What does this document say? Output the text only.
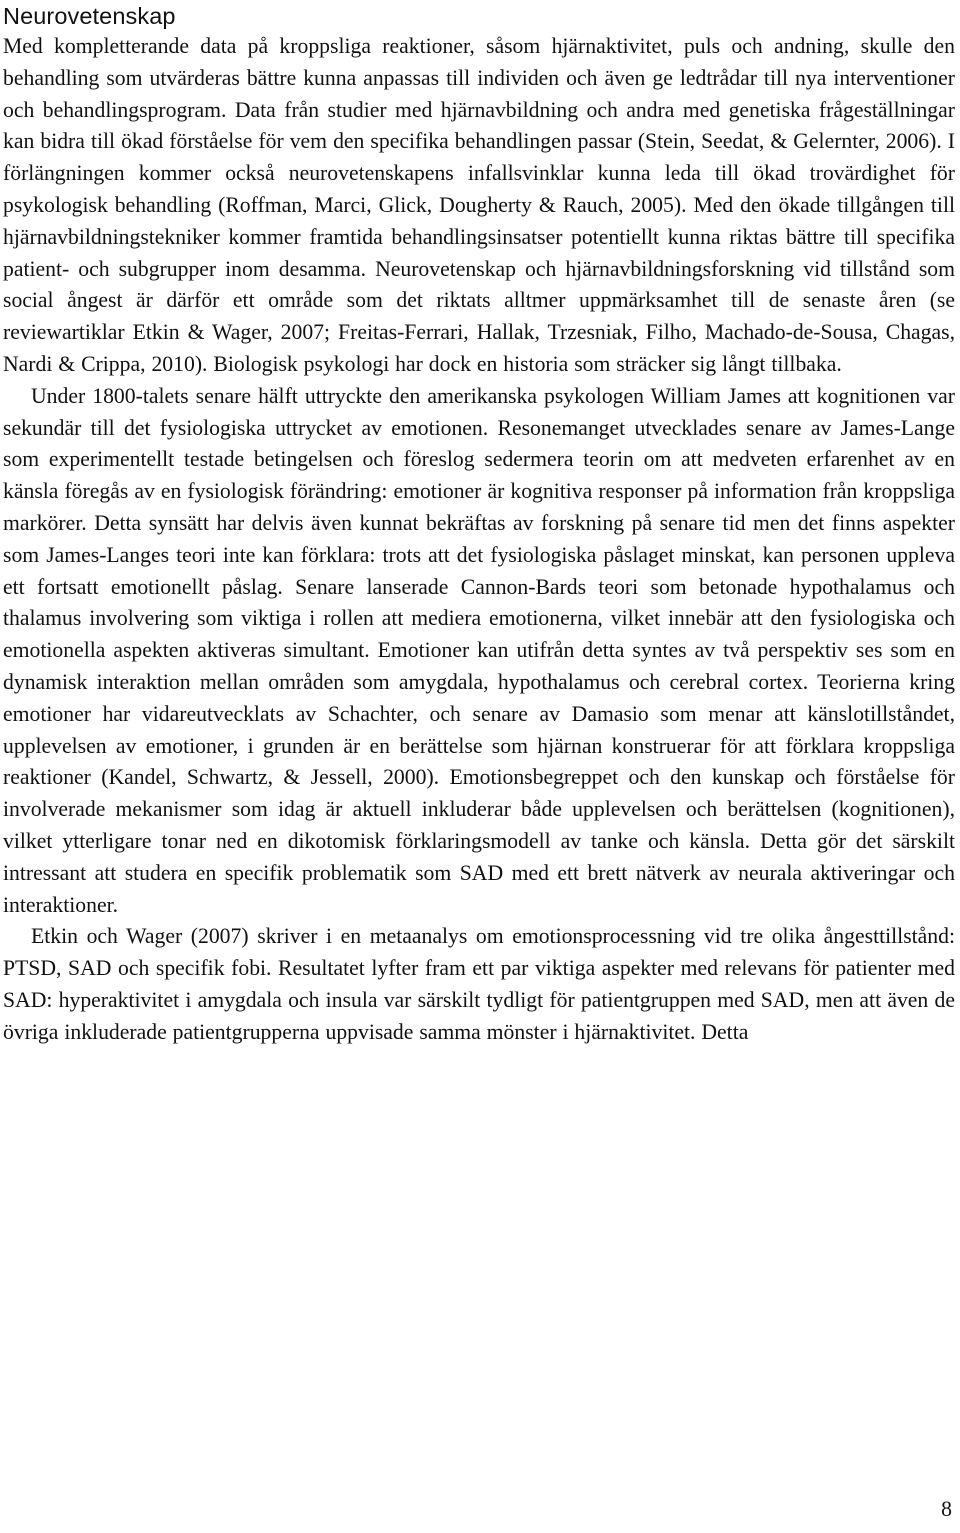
Neurovetenskap

Med kompletterande data på kroppsliga reaktioner, såsom hjärnaktivitet, puls och andning, skulle den behandling som utvärderas bättre kunna anpassas till individen och även ge ledtrådar till nya interventioner och behandlingsprogram. Data från studier med hjärnavbildning och andra med genetiska frågeställningar kan bidra till ökad förståelse för vem den specifika behandlingen passar (Stein, Seedat, & Gelernter, 2006). I förlängningen kommer också neurovetenskapens infallsvinklar kunna leda till ökad trovärdighet för psykologisk behandling (Roffman, Marci, Glick, Dougherty & Rauch, 2005). Med den ökade tillgången till hjärnavbildningstekniker kommer framtida behandlingsinsatser potentiellt kunna riktas bättre till specifika patient- och subgrupper inom desamma. Neurovetenskap och hjärnavbildningsforskning vid tillstånd som social ångest är därför ett område som det riktats alltmer uppmärksamhet till de senaste åren (se reviewartiklar Etkin & Wager, 2007; Freitas-Ferrari, Hallak, Trzesniak, Filho, Machado-de-Sousa, Chagas, Nardi & Crippa, 2010). Biologisk psykologi har dock en historia som sträcker sig långt tillbaka.

Under 1800-talets senare hälft uttryckte den amerikanska psykologen William James att kognitionen var sekundär till det fysiologiska uttrycket av emotionen. Resonemanget utvecklades senare av James-Lange som experimentellt testade betingelsen och föreslog sedermera teorin om att medveten erfarenhet av en känsla föregås av en fysiologisk förändring: emotioner är kognitiva responser på information från kroppsliga markörer. Detta synsätt har delvis även kunnat bekräftas av forskning på senare tid men det finns aspekter som James-Langes teori inte kan förklara: trots att det fysiologiska påslaget minskat, kan personen uppleva ett fortsatt emotionellt påslag. Senare lanserade Cannon-Bards teori som betonade hypothalamus och thalamus involvering som viktiga i rollen att mediera emotionerna, vilket innebär att den fysiologiska och emotionella aspekten aktiveras simultant. Emotioner kan utifrån detta syntes av två perspektiv ses som en dynamisk interaktion mellan områden som amygdala, hypothalamus och cerebral cortex. Teorierna kring emotioner har vidareutvecklats av Schachter, och senare av Damasio som menar att känslotillståndet, upplevelsen av emotioner, i grunden är en berättelse som hjärnan konstruerar för att förklara kroppsliga reaktioner (Kandel, Schwartz, & Jessell, 2000). Emotionsbegreppet och den kunskap och förståelse för involverade mekanismer som idag är aktuell inkluderar både upplevelsen och berättelsen (kognitionen), vilket ytterligare tonar ned en dikotomisk förklaringsmodell av tanke och känsla. Detta gör det särskilt intressant att studera en specifik problematik som SAD med ett brett nätverk av neurala aktiveringar och interaktioner.

Etkin och Wager (2007) skriver i en metaanalys om emotionsprocessning vid tre olika ångesttillstånd: PTSD, SAD och specifik fobi. Resultatet lyfter fram ett par viktiga aspekter med relevans för patienter med SAD: hyperaktivitet i amygdala och insula var särskilt tydligt för patientgruppen med SAD, men att även de övriga inkluderade patientgrupperna uppvisade samma mönster i hjärnaktivitet. Detta

8
